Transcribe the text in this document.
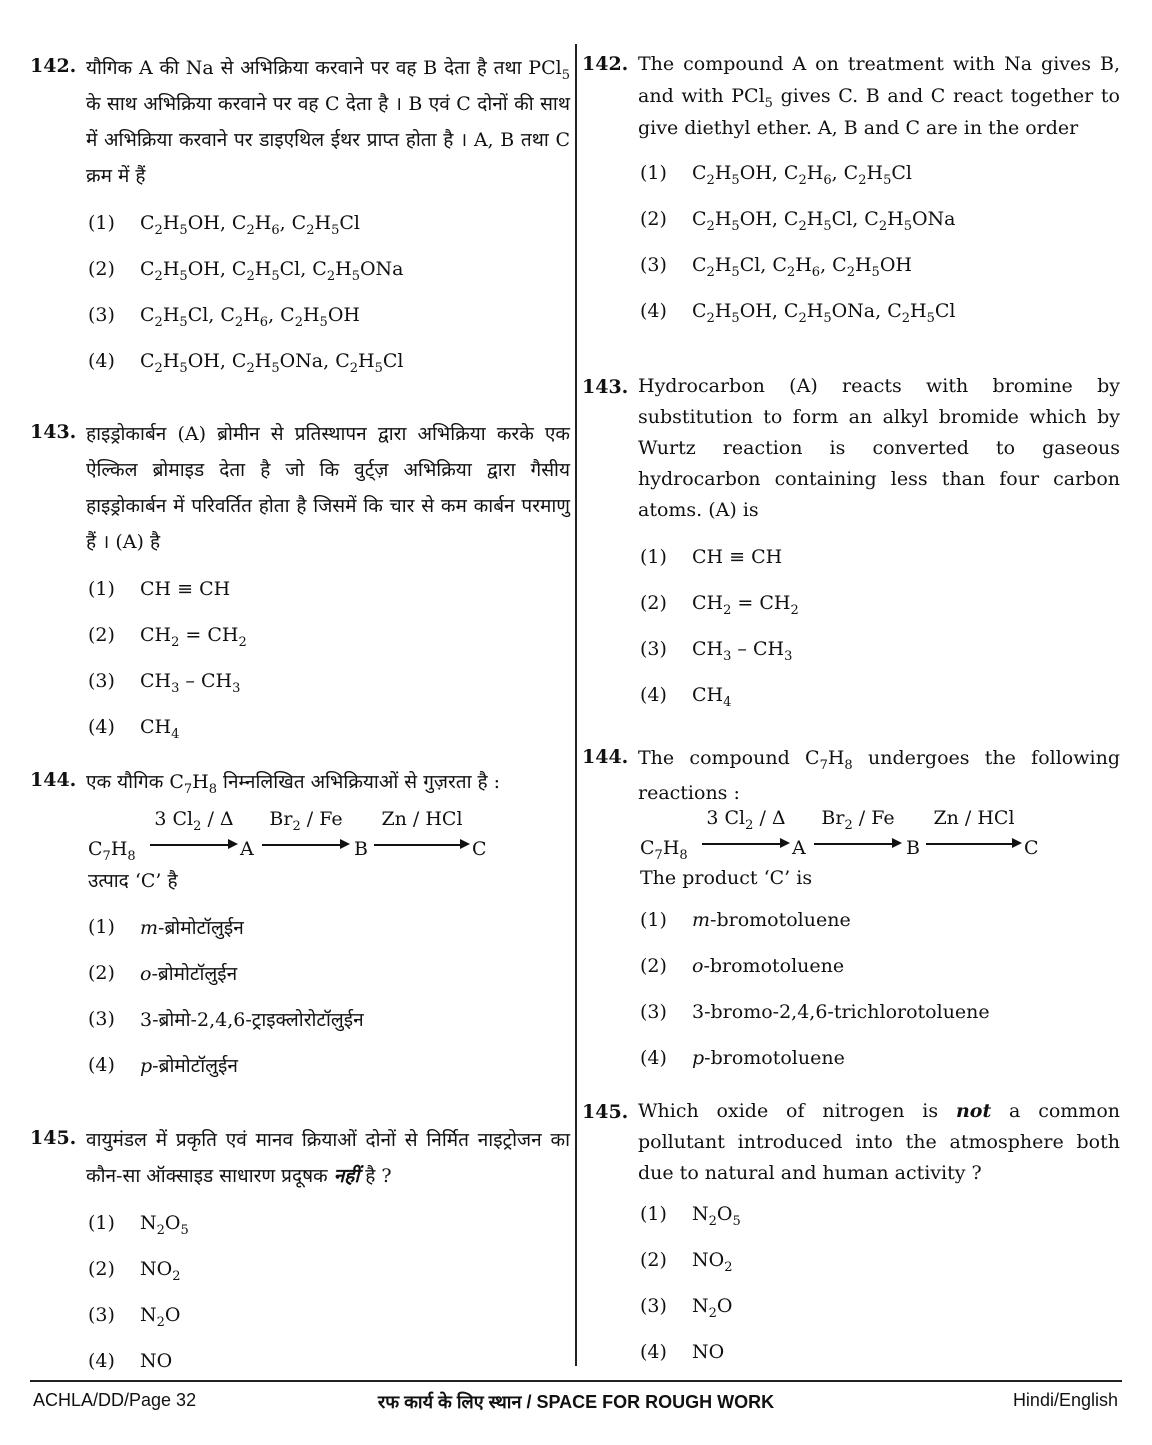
142. यौगिक A की Na से अभिक्रिया करवाने पर वह B देता है तथा PCl$_5$ के साथ अभिक्रिया करवाने पर वह C देता है । B एवं C दोनों की साथ में अभिक्रिया करवाने पर डाइएथिल ईथर प्राप्त होता है । A, B तथा C क्रम में हैं
(1)	$C_2H_5OH$, $C_2H_6$, $C_2H_5Cl$
(2)	$C_2H_5OH$, $C_2H_5Cl$, $C_2H_5ONa$
(3)	$C_2H_5Cl$, $C_2H_6$, $C_2H_5OH$
(4)	$C_2H_5OH$, $C_2H_5ONa$, $C_2H_5Cl$
143. हाइड्रोकार्बन (A) ब्रोमीन से प्रतिस्थापन द्वारा अभिक्रिया करके एक ऐल्किल ब्रोमाइड देता है जो कि वुर्ट्ज़ अभिक्रिया द्वारा गैसीय हाइड्रोकार्बन में परिवर्तित होता है जिसमें कि चार से कम कार्बन परमाणु हैं । (A) है
(1)	CH ≡ CH
(2)	$CH_2 = CH_2$
(3)	$CH_3 - CH_3$
(4)	$CH_4$
144. एक यौगिक $C_7H_8$ निम्नलिखित अभिक्रियाओं से गुज़रता है :
$C_7H_8$
3 $Cl_2$ / Δ
A
$Br_2$ / Fe
B
Zn / HCl
C
उत्पाद ‘C’ है
(1)	m-ब्रोमोटॉलुईन
(2)	o-ब्रोमोटॉलुईन
(3)	3-ब्रोमो-2,4,6-ट्राइक्लोरोटॉलुईन
(4)	p-ब्रोमोटॉलुईन
145. वायुमंडल में प्रकृति एवं मानव क्रियाओं दोनों से निर्मित नाइट्रोजन का कौन-सा ऑक्साइड साधारण प्रदूषक नहीं है ?
(1)	$N_2O_5$
(2)	$NO_2$
(3)	$N_2O$
(4)	NO
142. The compound A on treatment with Na gives B, and with PCl$_5$ gives C. B and C react together to give diethyl ether. A, B and C are in the order
(1)	$C_2H_5OH$, $C_2H_6$, $C_2H_5Cl$
(2)	$C_2H_5OH$, $C_2H_5Cl$, $C_2H_5ONa$
(3)	$C_2H_5Cl$, $C_2H_6$, $C_2H_5OH$
(4)	$C_2H_5OH$, $C_2H_5ONa$, $C_2H_5Cl$
143. Hydrocarbon (A) reacts with bromine by substitution to form an alkyl bromide which by Wurtz reaction is converted to gaseous hydrocarbon containing less than four carbon atoms. (A) is
(1)	CH ≡ CH
(2)	$CH_2 = CH_2$
(3)	$CH_3 - CH_3$
(4)	$CH_4$
144. The compound $C_7H_8$ undergoes the following reactions :
$C_7H_8$
3 $Cl_2$ / Δ
A
$Br_2$ / Fe
B
Zn / HCl
C
The product ‘C’ is
(1)	m-bromotoluene
(2)	o-bromotoluene
(3)	3-bromo-2,4,6-trichlorotoluene
(4)	p-bromotoluene
145. Which oxide of nitrogen is not a common pollutant introduced into the atmosphere both due to natural and human activity ?
(1)	$N_2O_5$
(2)	$NO_2$
(3)	$N_2O$
(4)	NO
ACHLA/DD/Page 32	रफ कार्य के लिए स्थान / SPACE FOR ROUGH WORK	Hindi/English
